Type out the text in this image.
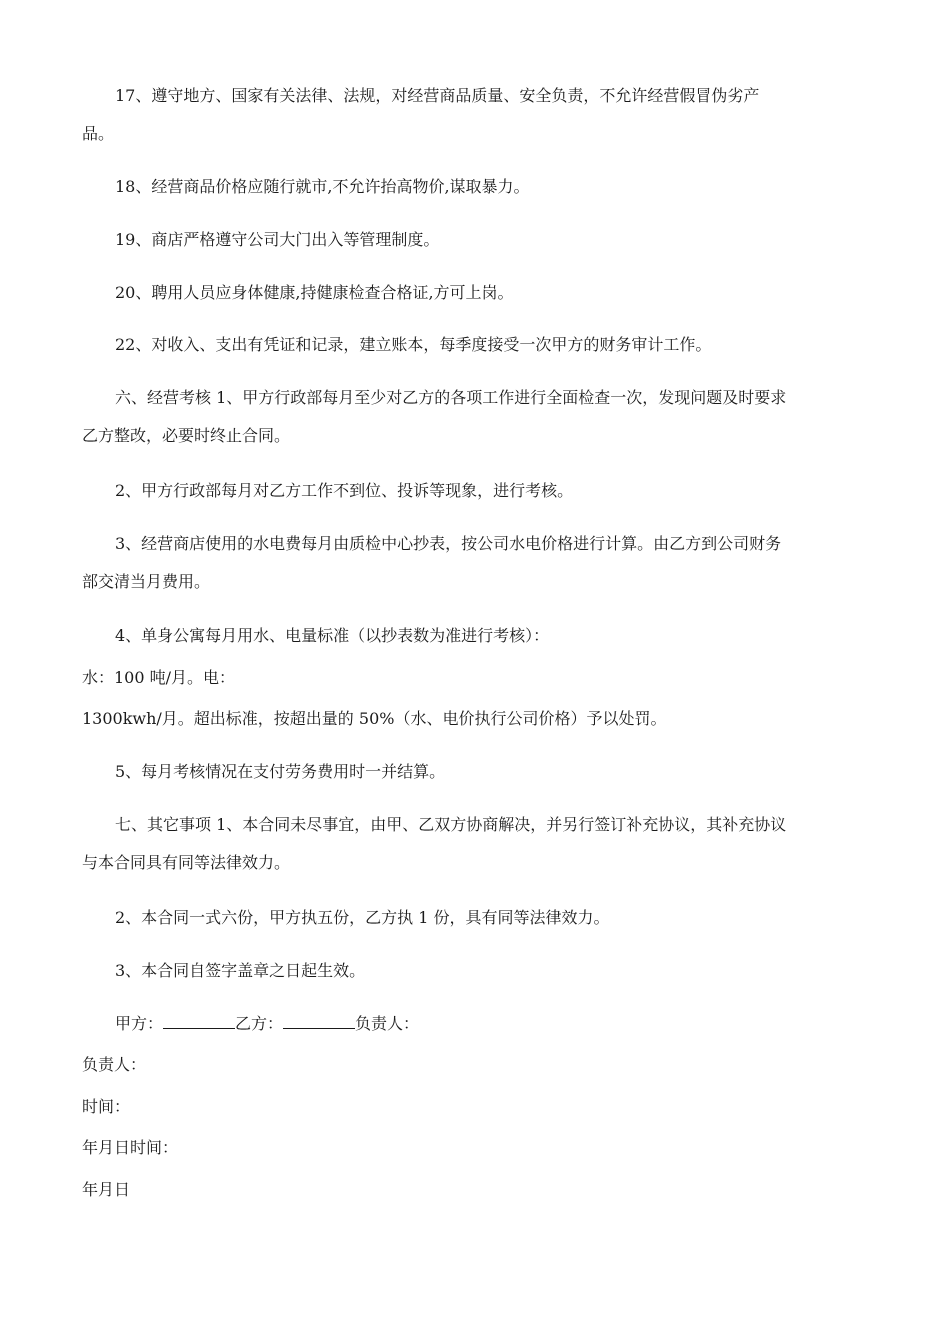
17、遵守地方、国家有关法律、法规，对经营商品质量、安全负责，不允许经营假冒伪劣产
品。
18、经营商品价格应随行就市,不允许抬高物价,谋取暴力。
19、商店严格遵守公司大门出入等管理制度。
20、聘用人员应身体健康,持健康检查合格证,方可上岗。
22、对收入、支出有凭证和记录，建立账本，每季度接受一次甲方的财务审计工作。
六、经营考核 1、甲方行政部每月至少对乙方的各项工作进行全面检查一次，发现问题及时要求
乙方整改，必要时终止合同。
2、甲方行政部每月对乙方工作不到位、投诉等现象，进行考核。
3、经营商店使用的水电费每月由质检中心抄表，按公司水电价格进行计算。由乙方到公司财务
部交清当月费用。
4、单身公寓每月用水、电量标准（以抄表数为准进行考核）：
水：100 吨/月。电：
1300kwh/月。超出标准，按超出量的 50%（水、电价执行公司价格）予以处罚。
5、每月考核情况在支付劳务费用时一并结算。
七、其它事项 1、本合同未尽事宜，由甲、乙双方协商解决，并另行签订补充协议，其补充协议
与本合同具有同等法律效力。
2、本合同一式六份，甲方执五份，乙方执 1 份，具有同等法律效力。
3、本合同自签字盖章之日起生效。
甲方：	乙方：	负责人：
负责人：
时间：
年月日时间：
年月日
